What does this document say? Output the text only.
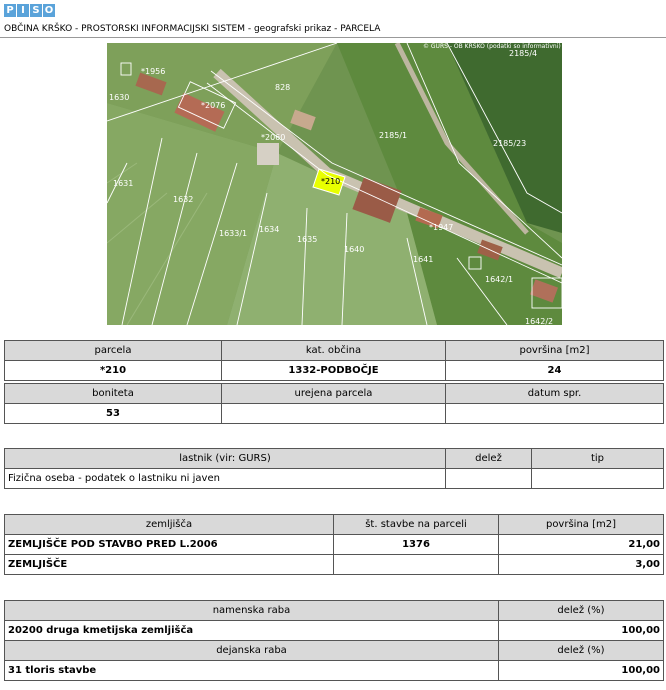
P I S O
OBČINA KRŠKO - PROSTORSKI INFORMACIJSKI SISTEM - geografski prikaz - PARCELA
© GURS - OB KRŠKO (podatki so informativni)
*1956
1630
828
*2076
*2060	2185/1
2185/23
2185/4
1631
1632
*210
1633/1 1634
1635
1640
*1947
1641
1642/1
1642/2
parcela	kat. občina	površina [m2]
*210	1332-PODBOČJE	24
boniteta	urejena parcela	datum spr.
53		
lastnik (vir: GURS)	delež	tip
Fizična oseba - podatek o lastniku ni javen		
zemljišča	št. stavbe na parceli	površina [m2]
ZEMLJIŠČE POD STAVBO PRED L.2006	1376	21,00
ZEMLJIŠČE		3,00
namenska raba	delež (%)
20200 druga kmetijska zemljišča	100,00
dejanska raba	delež (%)
31 tloris stavbe	100,00
